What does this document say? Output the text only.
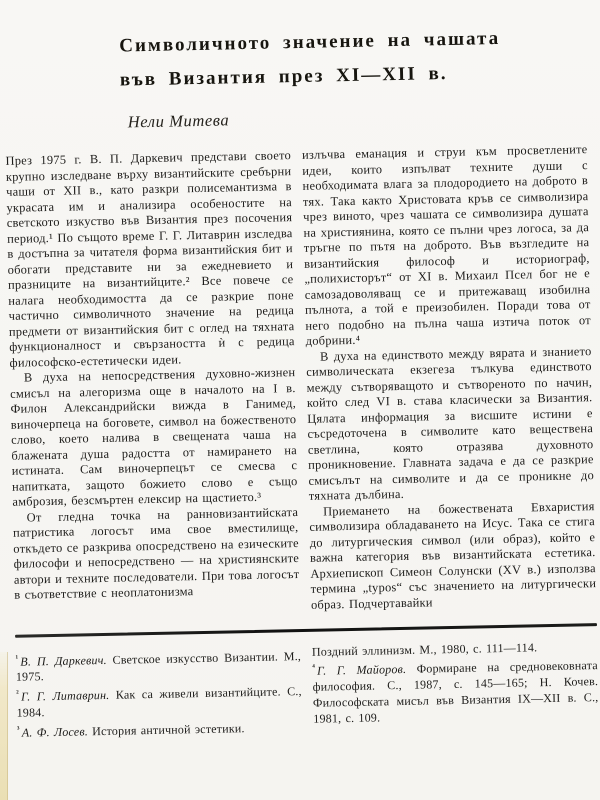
Символичното значение на чашата
във Византия през XI—XII в.
Нели Митева

През 1975 г. В. П. Даркевич представи своето крупно изследване върху византийските сребърни чаши от XII в., като разкри полисемантизма в украсата им и анализира особеностите на светското изкуство във Византия през посочения период.¹ По същото време Г. Г. Литаврин изследва в достъпна за читателя форма византийския бит и обогати представите ни за ежедневието и празниците на византийците.² Все повече се налага необходимостта да се разкрие поне частично символичното значение на редица предмети от византийския бит с оглед на тяхната функционалност и свързаността ѝ с редица философско-естетически идеи.

В духа на непосредствения духовно-жизнен смисъл на алегоризма още в началото на I в. Филон Александрийски вижда в Ганимед, виночерпеца на боговете, символ на божественото слово, което налива в свещената чаша на блажената душа радостта от намирането на истината. Сам виночерпецът се смесва с напитката, защото божието слово е също амброзия, безсмъртен елексир на щастието.³

От гледна точка на ранновизантийската патристика логосът има свое вместилище, откъдето се разкрива опосредствено на езическите философи и непосредствено — на християнските автори и техните последователи. При това логосът в съответствие с неоплатонизма

излъчва еманация и струи към просветлените идеи, които изпълват техните души с необходимата влага за плодородието на доброто в тях. Така както Христовата кръв се символизира чрез виното, чрез чашата се символизира душата на християнина, която се пълни чрез логоса, за да тръгне по пътя на доброто. Във възгледите на византийския философ и историограф, „полихисторът“ от XI в. Михаил Псел бог не е самозадоволяващ се и притежаващ изобилна пълнота, а той е преизобилен. Поради това от него подобно на пълна чаша изтича поток от добрини.⁴

В духа на единството между вярата и знанието символическата екзегеза тълкува единството между сътворяващото и сътвореното по начин, който след VI в. става класически за Византия. Цялата информация за висшите истини е съсредоточена в символите като веществена светлина, която отразява духовното проникновение. Главната задача е да се разкрие смисълът на символите и да се проникне до тяхната дълбина.

Приемането на божествената Евхаристия символизира обладаването на Исус. Така се стига до литургическия символ (или образ), който е важна категория във византийската естетика. Архиепископ Симеон Солунски (XV в.) използва термина „typos“ със значението на литургически образ. Подчертавайки

$^{^1}$ В. П. Даркевич. Светское изкусство Византии. М., 1975.

$^{^2}$ Г. Г. Литаврин. Как са живели византийците. С., 1984.

$^{^3}$ А. Ф. Лосев. История античной эстетики.

Поздний эллинизм. М., 1980, с. 111—114.

$^{^4}$ Г. Г. Майоров. Формиране на средновековната философия. С., 1987, с. 145—165; Н. Кочев. Философската мисъл във Византия IX—XII в. С., 1981, с. 109.
